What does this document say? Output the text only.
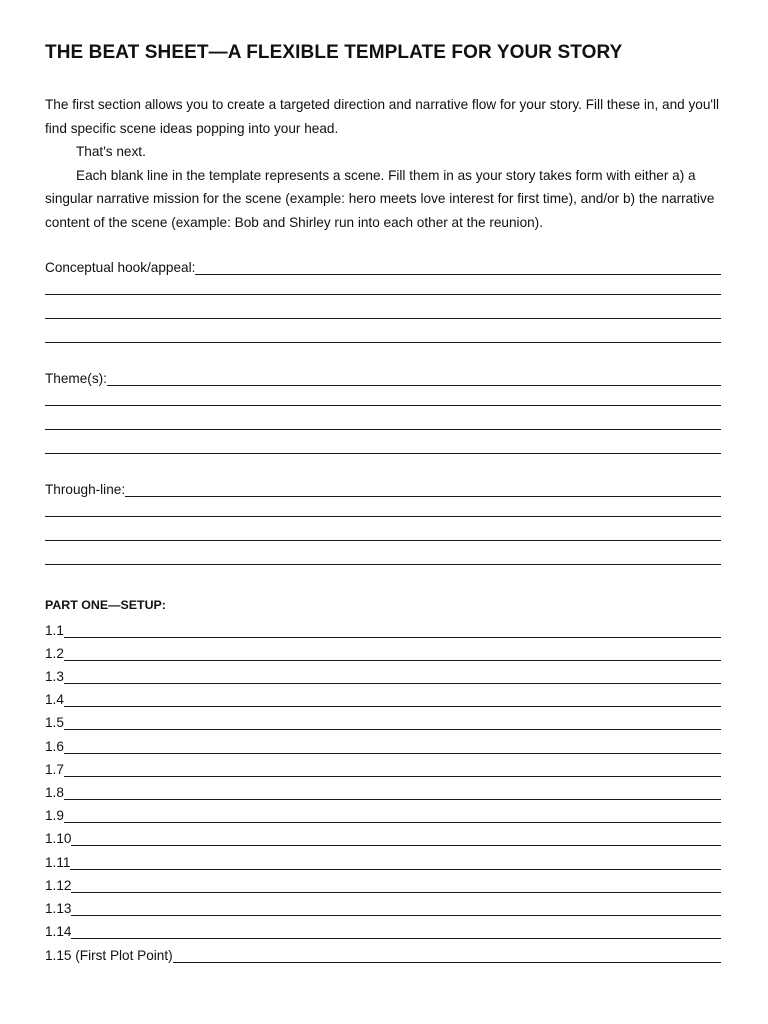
THE BEAT SHEET—A FLEXIBLE TEMPLATE FOR YOUR STORY

The first section allows you to create a targeted direction and narrative flow for your story. Fill these in, and you'll find specific scene ideas popping into your head.

That's next.

Each blank line in the template represents a scene. Fill them in as your story takes form with either a) a singular narrative mission for the scene (example: hero meets love interest for first time), and/or b) the narrative content of the scene (example: Bob and Shirley run into each other at the reunion).

Conceptual hook/appeal:
Theme(s):
Through-line:
PART ONE—SETUP:
1.1
1.2
1.3
1.4
1.5
1.6
1.7
1.8
1.9
1.10
1.11
1.12
1.13
1.14
1.15 (First Plot Point)
